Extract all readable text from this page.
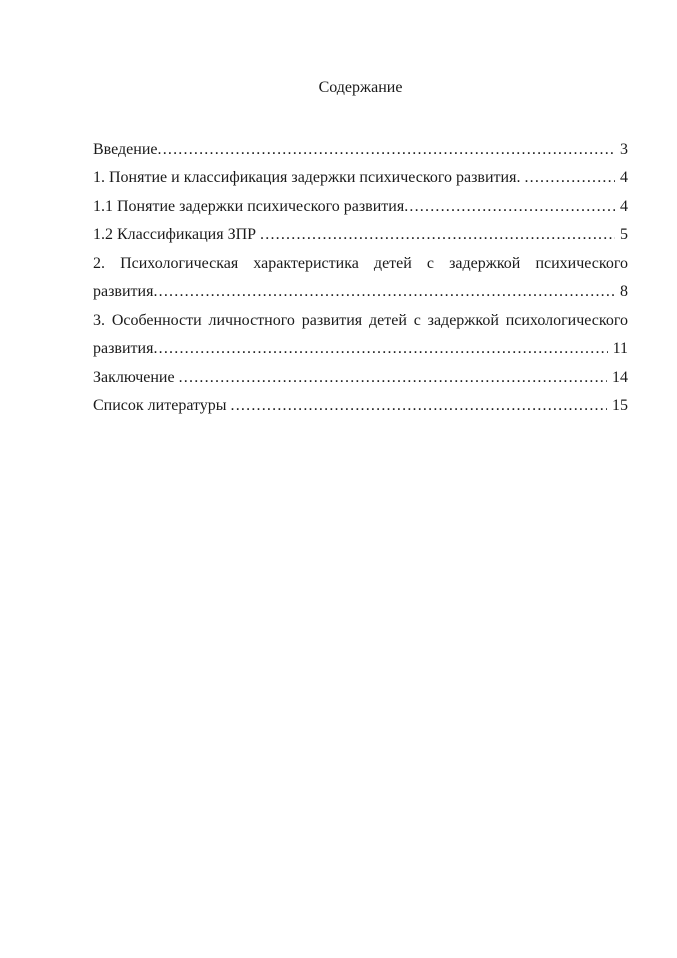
Содержание
Введение .....	3
1. Понятие и классификация задержки психического развития. .....	4
1.1 Понятие задержки психического развития .....	4
1.2 Классификация ЗПР .....	5
2. Психологическая характеристика детей с задержкой психического
развития .....	8
3. Особенности личностного развития детей с задержкой психологического
развития .....	11
Заключение .....	14
Список литературы .....	15
